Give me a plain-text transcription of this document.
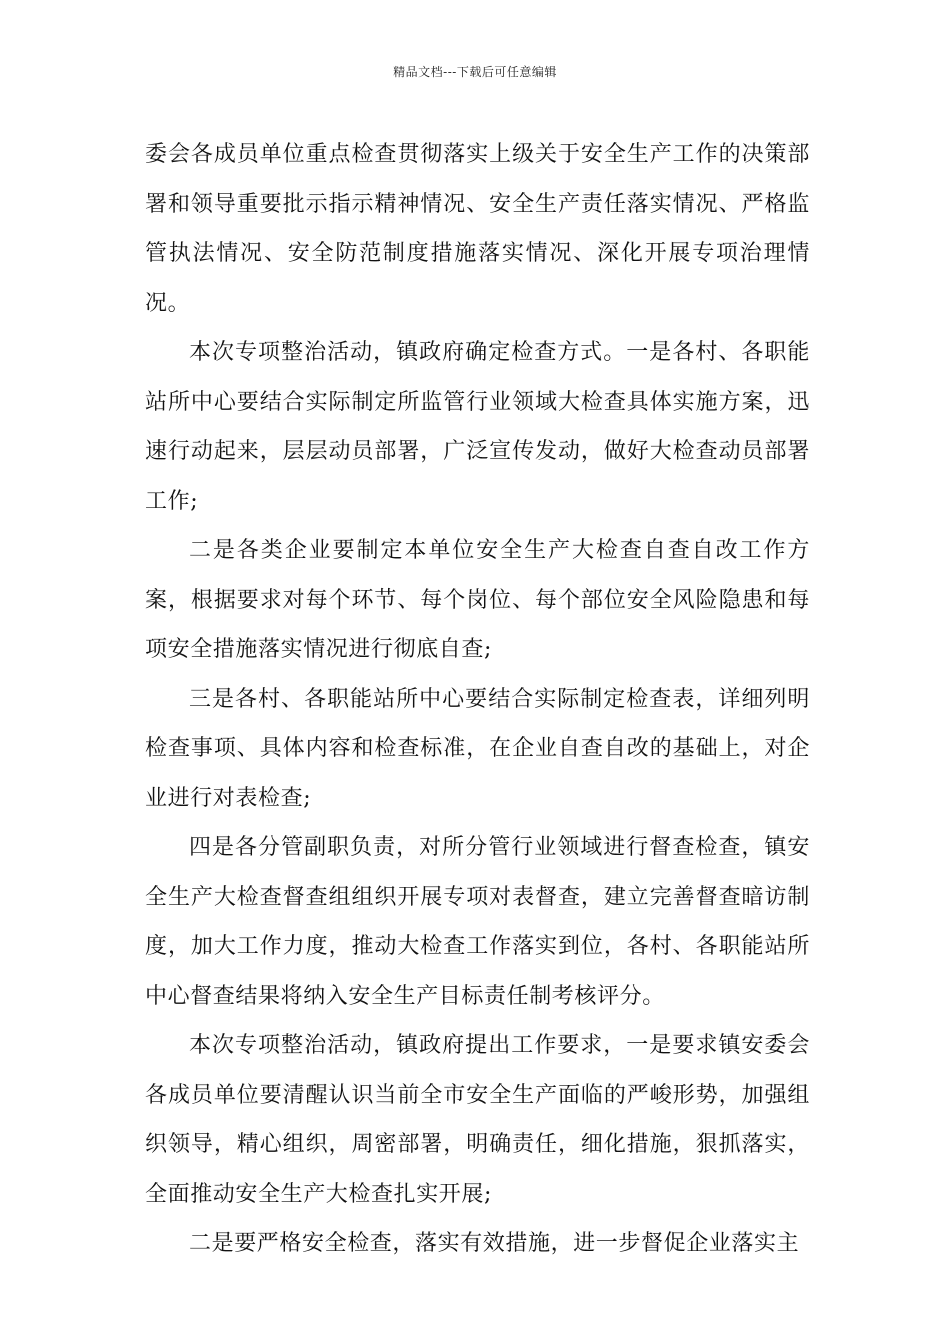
精品文档---下载后可任意编辑

委会各成员单位重点检查贯彻落实上级关于安全生产工作的决策部署和领导重要批示指示精神情况、安全生产责任落实情况、严格监管执法情况、安全防范制度措施落实情况、深化开展专项治理情况。

本次专项整治活动，镇政府确定检查方式。一是各村、各职能站所中心要结合实际制定所监管行业领域大检查具体实施方案，迅速行动起来，层层动员部署，广泛宣传发动，做好大检查动员部署工作;

二是各类企业要制定本单位安全生产大检查自查自改工作方案，根据要求对每个环节、每个岗位、每个部位安全风险隐患和每项安全措施落实情况进行彻底自查;

三是各村、各职能站所中心要结合实际制定检查表，详细列明检查事项、具体内容和检查标准，在企业自查自改的基础上，对企业进行对表检查;

四是各分管副职负责，对所分管行业领域进行督查检查，镇安全生产大检查督查组组织开展专项对表督查，建立完善督查暗访制度，加大工作力度，推动大检查工作落实到位，各村、各职能站所中心督查结果将纳入安全生产目标责任制考核评分。

本次专项整治活动，镇政府提出工作要求，一是要求镇安委会各成员单位要清醒认识当前全市安全生产面临的严峻形势，加强组织领导，精心组织，周密部署，明确责任，细化措施，狠抓落实，全面推动安全生产大检查扎实开展;

二是要严格安全检查，落实有效措施，进一步督促企业落实主
